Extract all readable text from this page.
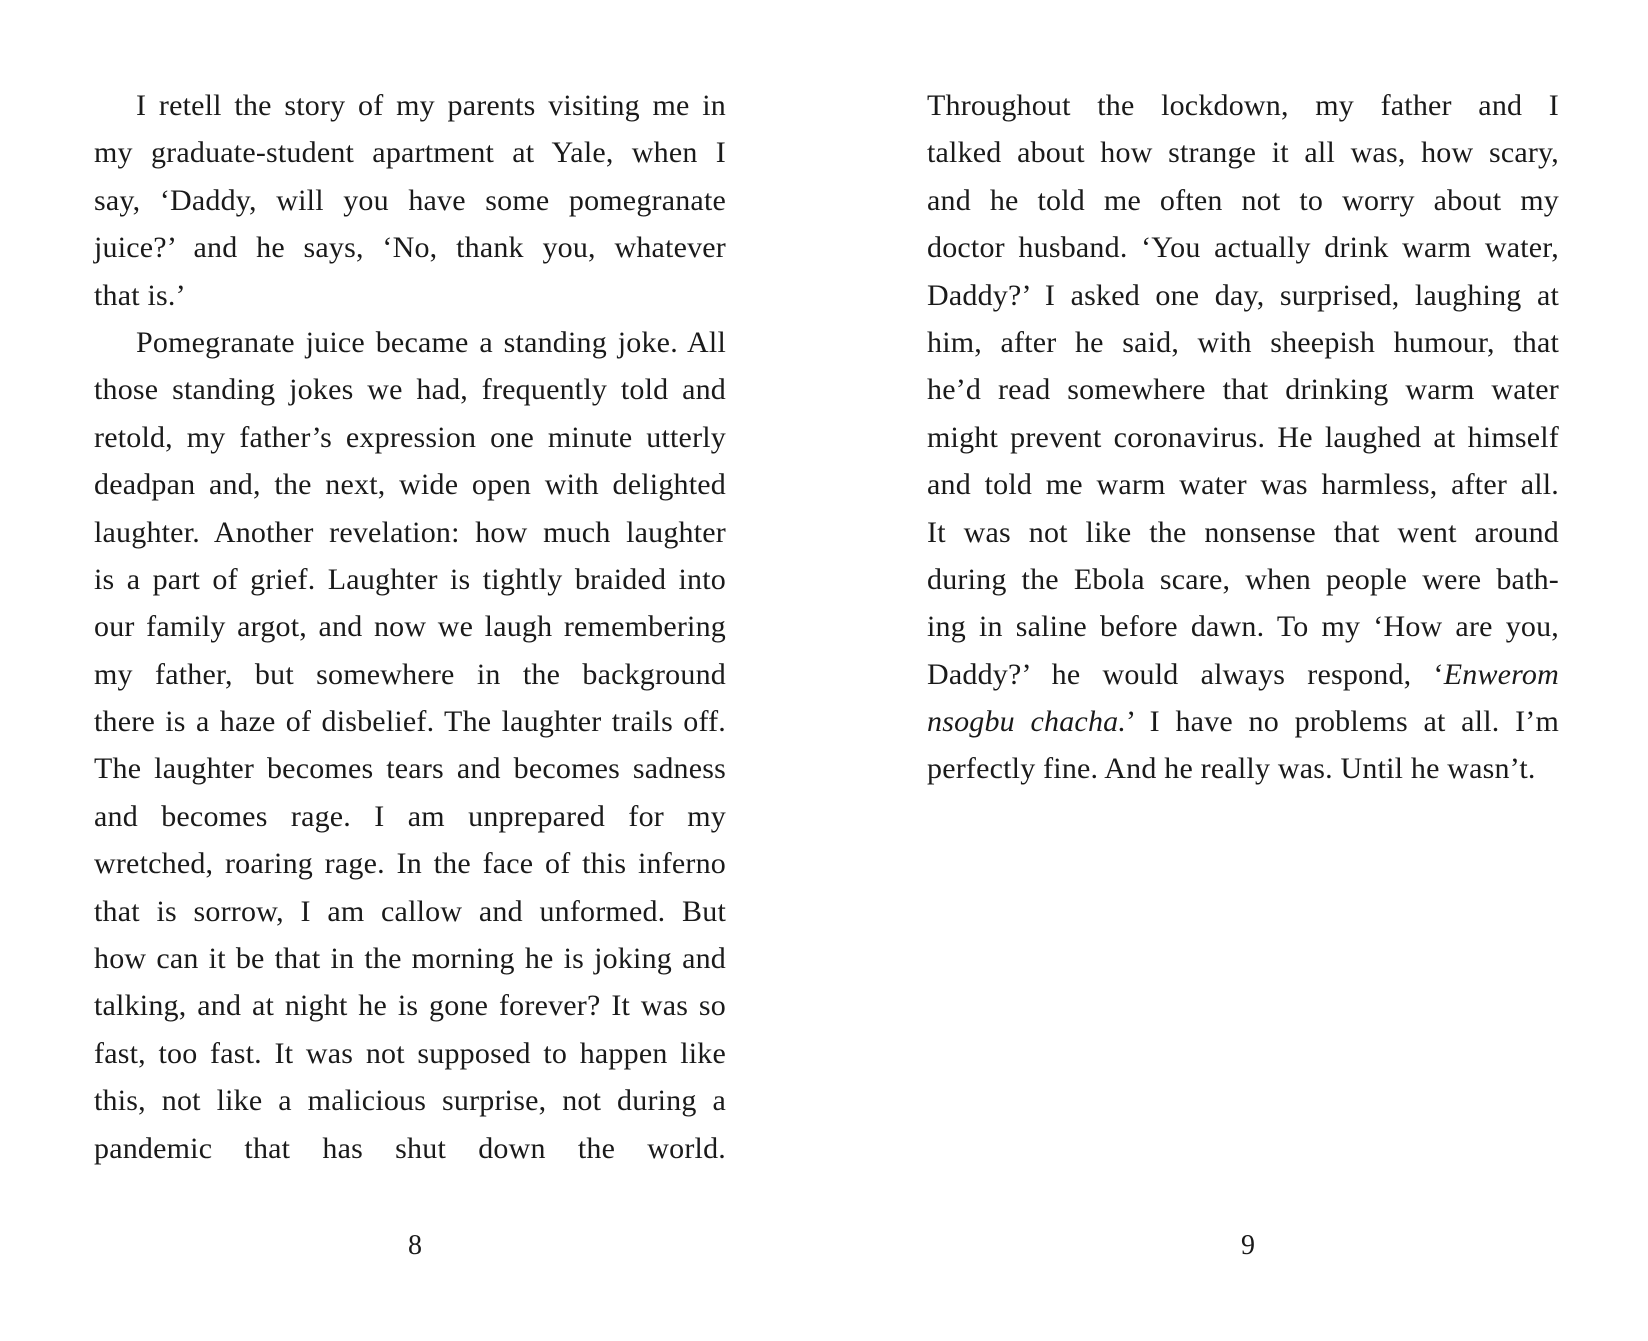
I retell the story of my parents visiting me in
my graduate-student apartment at Yale, when I
say, ‘Daddy, will you have some pomegranate
juice?’ and he says, ‘No, thank you, whatever
that is.’
Pomegranate juice became a standing joke. All
those standing jokes we had, frequently told and
retold, my father’s expression one minute utterly
deadpan and, the next, wide open with delighted
laughter. Another revelation: how much laughter
is a part of grief. Laughter is tightly braided into
our family argot, and now we laugh remembering
my father, but somewhere in the background
there is a haze of disbelief. The laughter trails off.
The laughter becomes tears and becomes sadness
and becomes rage. I am unprepared for my
wretched, roaring rage. In the face of this inferno
that is sorrow, I am callow and unformed. But
how can it be that in the morning he is joking and
talking, and at night he is gone forever? It was so
fast, too fast. It was not supposed to happen like
this, not like a malicious surprise, not during a
pandemic that has shut down the world.
Throughout the lockdown, my father and I
talked about how strange it all was, how scary,
and he told me often not to worry about my
doctor husband. ‘You actually drink warm water,
Daddy?’ I asked one day, surprised, laughing at
him, after he said, with sheepish humour, that
he’d read somewhere that drinking warm water
might prevent coronavirus. He laughed at himself
and told me warm water was harmless, after all.
It was not like the nonsense that went around
during the Ebola scare, when people were bath-
ing in saline before dawn. To my ‘How are you,
Daddy?’ he would always respond, ‘Enwerom
nsogbu chacha.’ I have no problems at all. I’m
perfectly fine. And he really was. Until he wasn’t.
8	9
